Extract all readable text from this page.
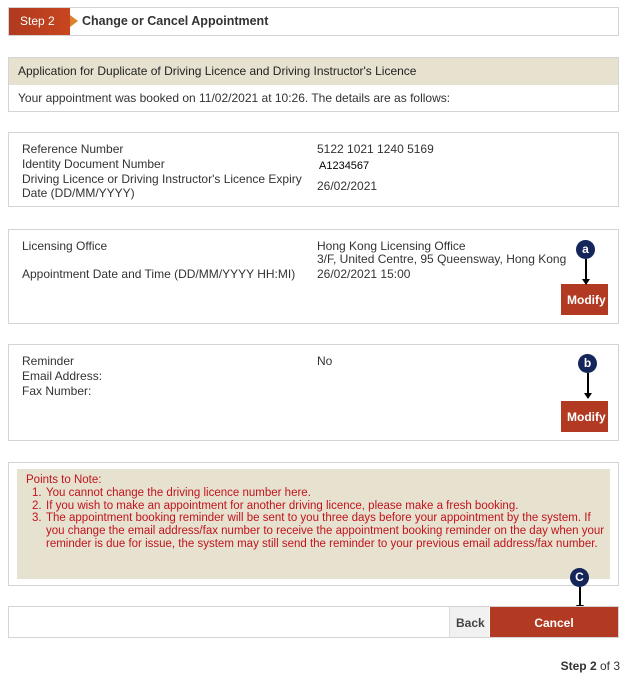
Step 2	Change or Cancel Appointment
Application for Duplicate of Driving Licence and Driving Instructor's Licence
Your appointment was booked on 11/02/2021 at 10:26. The details are as follows:
Reference Number	5122 1021 1240 5169
Identity Document Number	A1234567
Driving Licence or Driving Instructor's Licence Expiry
Date (DD/MM/YYYY)	26/02/2021
Licensing Office	Hong Kong Licensing Office
3/F, United Centre, 95 Queensway, Hong Kong
Appointment Date and Time (DD/MM/YYYY HH:MI) 26/02/2021 15:00
Modify
Reminder	No
Email Address:
Fax Number:
Modify
a
b
Points to Note:
1. You cannot change the driving licence number here.
2. If you wish to make an appointment for another driving licence, please make a fresh booking.
3. The appointment booking reminder will be sent to you three days before your appointment by the system. If you change the email address/fax number to receive the appointment booking reminder on the day when your reminder is due for issue, the system may still send the reminder to your previous email address/fax number.
C
Back	Cancel Appointment
Step 2 of 3
